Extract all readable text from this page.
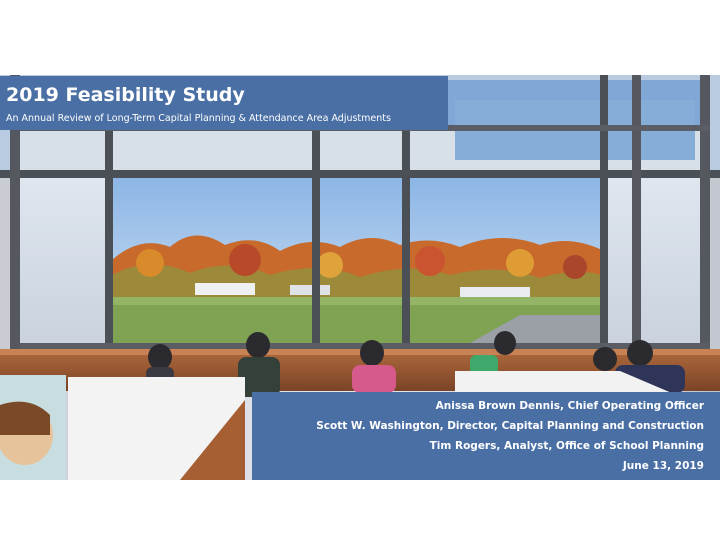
2019 Feasibility Study
An Annual Review of Long-Term Capital Planning & Attendance Area Adjustments
Anissa Brown Dennis, Chief Operating Officer
Scott W. Washington, Director, Capital Planning and Construction
Tim Rogers, Analyst, Office of School Planning
June 13, 2019
